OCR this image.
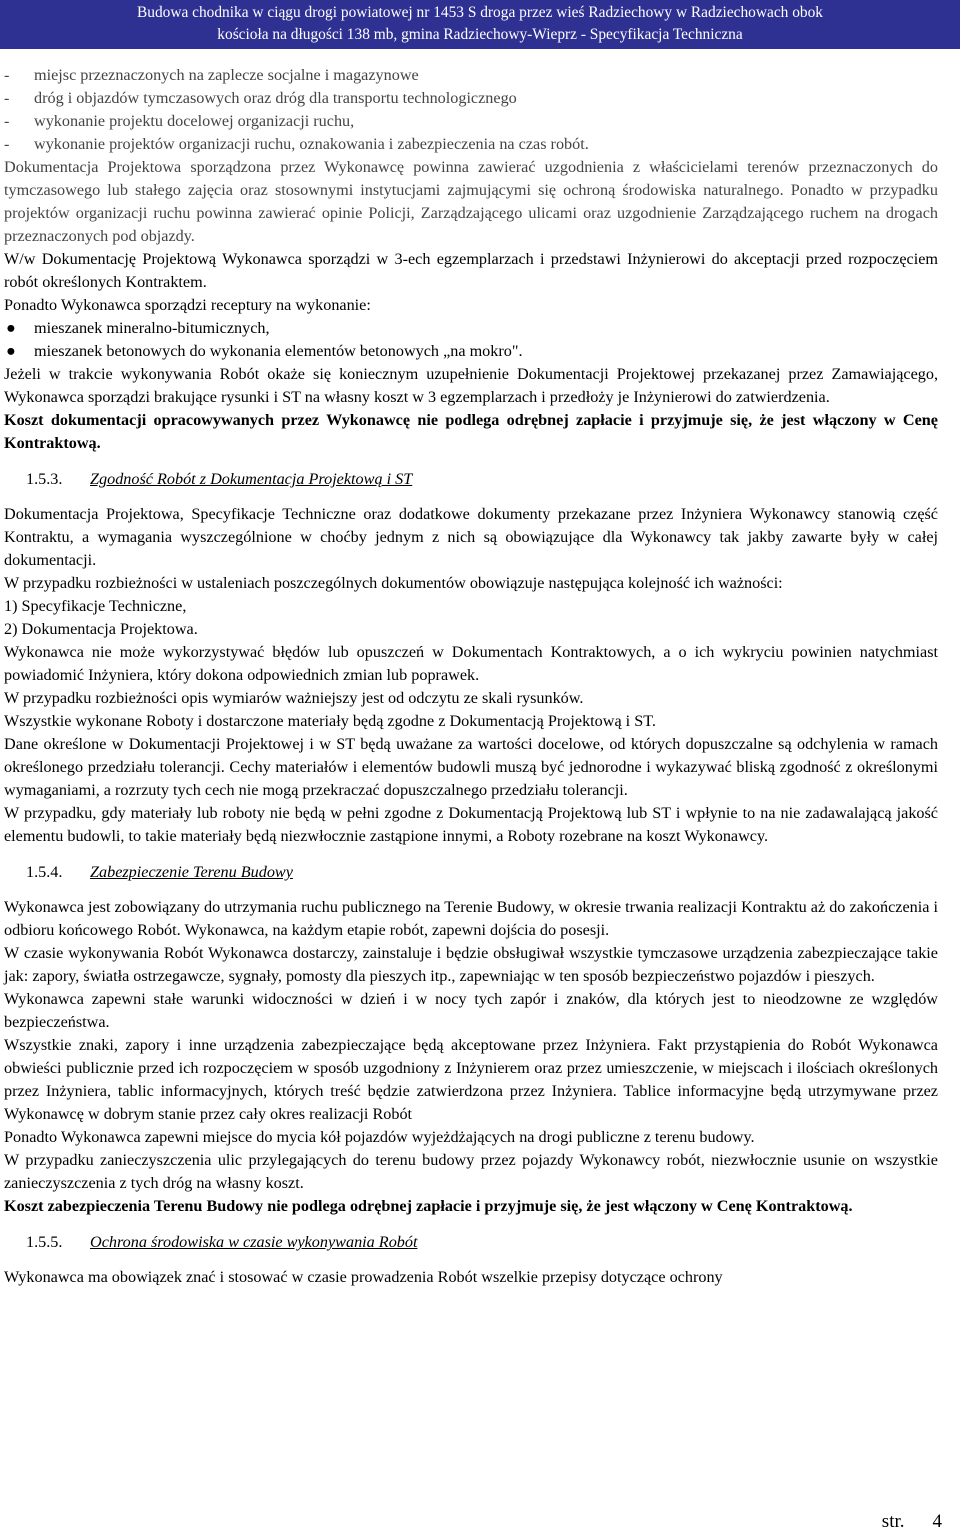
Budowa chodnika w ciągu drogi powiatowej nr 1453 S droga przez wieś Radziechowy w Radziechowach obok
kościoła na długości 138 mb, gmina Radziechowy-Wieprz - Specyfikacja Techniczna

-	miejsc przeznaczonych na zaplecze socjalne i magazynowe

-	dróg i objazdów tymczasowych oraz dróg dla transportu technologicznego

-	wykonanie projektu docelowej organizacji ruchu,

-	wykonanie projektów organizacji ruchu, oznakowania i zabezpieczenia na czas robót.

Dokumentacja Projektowa sporządzona przez Wykonawcę powinna zawierać uzgodnienia z właścicielami terenów przeznaczonych do tymczasowego lub stałego zajęcia oraz stosownymi instytucjami zajmującymi się ochroną środowiska naturalnego. Ponadto w przypadku projektów organizacji ruchu powinna zawierać opinie Policji, Zarządzającego ulicami oraz uzgodnienie Zarządzającego ruchem na drogach przeznaczonych pod objazdy.

W/w Dokumentację Projektową Wykonawca sporządzi w 3-ech egzemplarzach i przedstawi Inżynierowi do akceptacji przed rozpoczęciem robót określonych Kontraktem.

Ponadto Wykonawca sporządzi receptury na wykonanie:

●	mieszanek mineralno-bitumicznych,

●	mieszanek betonowych do wykonania elementów betonowych „na mokro".

Jeżeli w trakcie wykonywania Robót okaże się koniecznym uzupełnienie Dokumentacji Projektowej przekazanej przez Zamawiającego, Wykonawca sporządzi brakujące rysunki i ST na własny koszt w 3 egzemplarzach i przedłoży je Inżynierowi do zatwierdzenia.

Koszt dokumentacji opracowywanych przez Wykonawcę nie podlega odrębnej zapłacie i przyjmuje się, że jest włączony w Cenę Kontraktową.

1.5.3.	Zgodność Robót z Dokumentacja Projektową i ST

Dokumentacja Projektowa, Specyfikacje Techniczne oraz dodatkowe dokumenty przekazane przez Inżyniera Wykonawcy stanowią część Kontraktu, a wymagania wyszczególnione w choćby jednym z nich są obowiązujące dla Wykonawcy tak jakby zawarte były w całej dokumentacji.

W przypadku rozbieżności w ustaleniach poszczególnych dokumentów obowiązuje następująca kolejność ich ważności:

1) Specyfikacje Techniczne,

2) Dokumentacja Projektowa.

Wykonawca nie może wykorzystywać błędów lub opuszczeń w Dokumentach Kontraktowych, a o ich wykryciu powinien natychmiast powiadomić Inżyniera, który dokona odpowiednich zmian lub poprawek.

W przypadku rozbieżności opis wymiarów ważniejszy jest od odczytu ze skali rysunków.

Wszystkie wykonane Roboty i dostarczone materiały będą zgodne z Dokumentacją Projektową i ST.

Dane określone w Dokumentacji Projektowej i w ST będą uważane za wartości docelowe, od których dopuszczalne są odchylenia w ramach określonego przedziału tolerancji. Cechy materiałów i elementów budowli muszą być jednorodne i wykazywać bliską zgodność z określonymi wymaganiami, a rozrzuty tych cech nie mogą przekraczać dopuszczalnego przedziału tolerancji.

W przypadku, gdy materiały lub roboty nie będą w pełni zgodne z Dokumentacją Projektową lub ST i wpłynie to na nie zadawalającą jakość elementu budowli, to takie materiały będą niezwłocznie zastąpione innymi, a Roboty rozebrane na koszt Wykonawcy.

1.5.4.	Zabezpieczenie Terenu Budowy

Wykonawca jest zobowiązany do utrzymania ruchu publicznego na Terenie Budowy, w okresie trwania realizacji Kontraktu aż do zakończenia i odbioru końcowego Robót. Wykonawca, na każdym etapie robót, zapewni dojścia do posesji.

W czasie wykonywania Robót Wykonawca dostarczy, zainstaluje i będzie obsługiwał wszystkie tymczasowe urządzenia zabezpieczające takie jak: zapory, światła ostrzegawcze, sygnały, pomosty dla pieszych itp., zapewniając w ten sposób bezpieczeństwo pojazdów i pieszych.

Wykonawca zapewni stałe warunki widoczności w dzień i w nocy tych zapór i znaków, dla których jest to nieodzowne ze względów bezpieczeństwa.

Wszystkie znaki, zapory i inne urządzenia zabezpieczające będą akceptowane przez Inżyniera. Fakt przystąpienia do Robót Wykonawca obwieści publicznie przed ich rozpoczęciem w sposób uzgodniony z Inżynierem oraz przez umieszczenie, w miejscach i ilościach określonych przez Inżyniera, tablic informacyjnych, których treść będzie zatwierdzona przez Inżyniera. Tablice informacyjne będą utrzymywane przez Wykonawcę w dobrym stanie przez cały okres realizacji Robót

Ponadto Wykonawca zapewni miejsce do mycia kół pojazdów wyjeżdżających na drogi publiczne z terenu budowy.

W przypadku zanieczyszczenia ulic przylegających do terenu budowy przez pojazdy Wykonawcy robót, niezwłocznie usunie on wszystkie zanieczyszczenia z tych dróg na własny koszt.

Koszt zabezpieczenia Terenu Budowy nie podlega odrębnej zapłacie i przyjmuje się, że jest włączony w Cenę Kontraktową.

1.5.5.	Ochrona środowiska w czasie wykonywania Robót

Wykonawca ma obowiązek znać i stosować w czasie prowadzenia Robót wszelkie przepisy dotyczące ochrony

str. 4
